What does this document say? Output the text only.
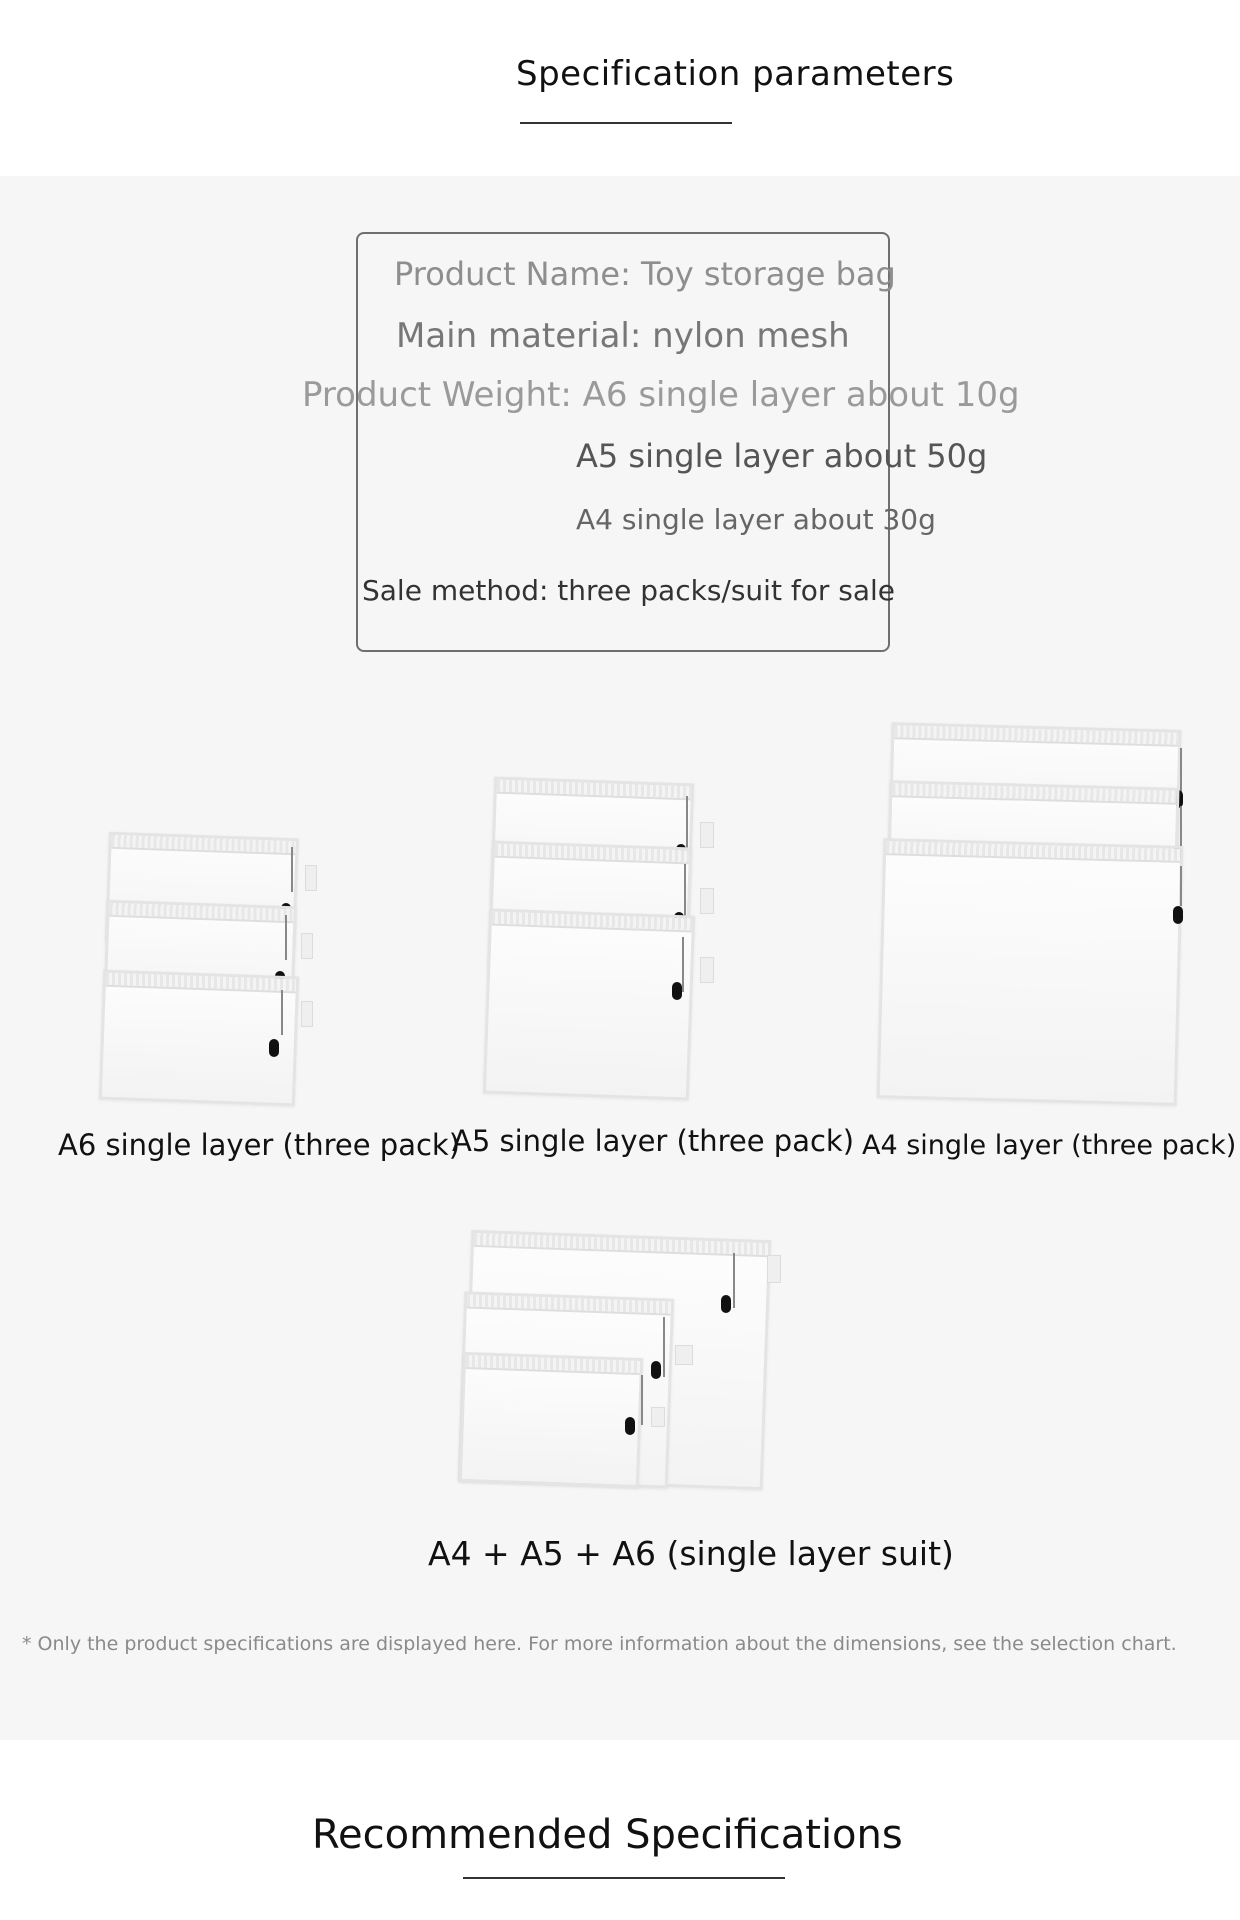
Specification parameters
Product Name: Toy storage bag
Main material: nylon mesh
Product Weight: A6 single layer about 10g
A5 single layer about 50g
A4 single layer about 30g
Sale method: three packs/suit for sale
A6 single layer (three pack)
A5 single layer (three pack) A4 single layer (three pack)
A4 + A5 + A6 (single layer suit)
* Only the product specifications are displayed here. For more information about the dimensions, see the selection chart.
Recommended Specifications
